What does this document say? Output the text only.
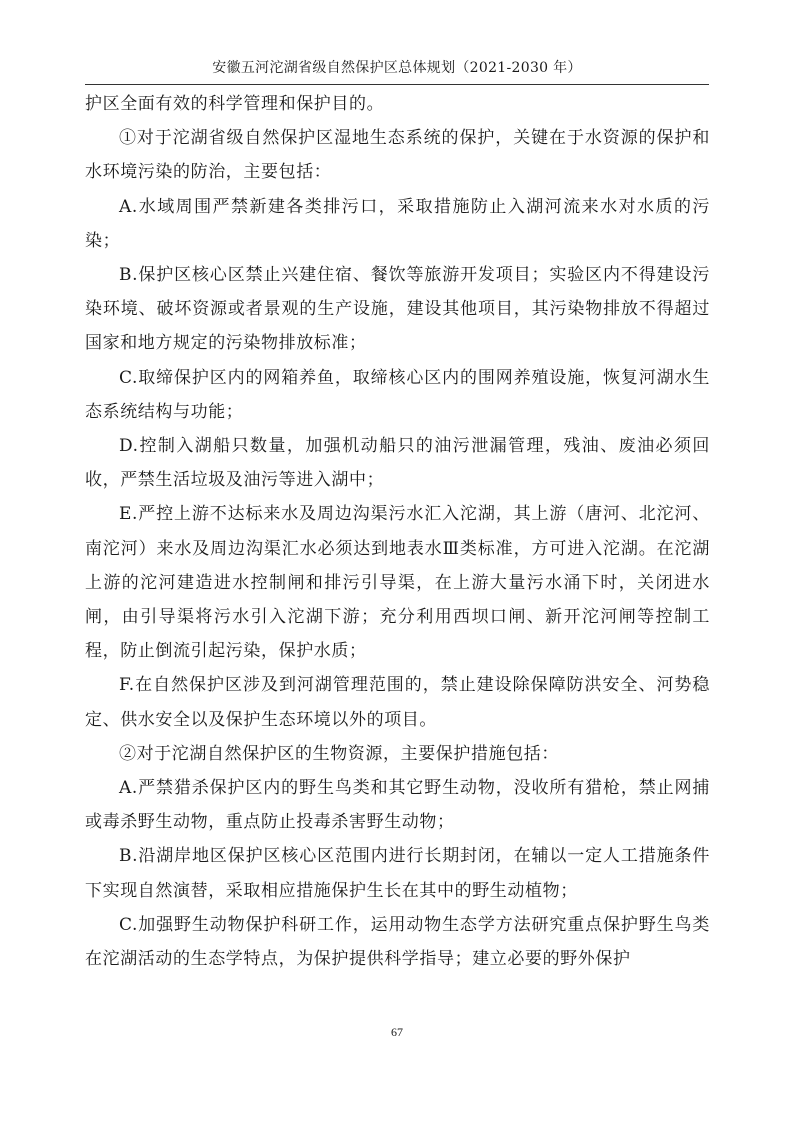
安徽五河沱湖省级自然保护区总体规划（2021-2030 年）

护区全面有效的科学管理和保护目的。

①对于沱湖省级自然保护区湿地生态系统的保护，关键在于水资源的保护和水环境污染的防治，主要包括：

A.水域周围严禁新建各类排污口，采取措施防止入湖河流来水对水质的污染；

B.保护区核心区禁止兴建住宿、餐饮等旅游开发项目；实验区内不得建设污染环境、破坏资源或者景观的生产设施，建设其他项目，其污染物排放不得超过国家和地方规定的污染物排放标准；

C.取缔保护区内的网箱养鱼，取缔核心区内的围网养殖设施，恢复河湖水生态系统结构与功能；

D.控制入湖船只数量，加强机动船只的油污泄漏管理，残油、废油必须回收，严禁生活垃圾及油污等进入湖中；

E.严控上游不达标来水及周边沟渠污水汇入沱湖，其上游（唐河、北沱河、南沱河）来水及周边沟渠汇水必须达到地表水Ⅲ类标准，方可进入沱湖。在沱湖上游的沱河建造进水控制闸和排污引导渠，在上游大量污水涌下时，关闭进水闸，由引导渠将污水引入沱湖下游；充分利用西坝口闸、新开沱河闸等控制工程，防止倒流引起污染，保护水质；

F.在自然保护区涉及到河湖管理范围的，禁止建设除保障防洪安全、河势稳定、供水安全以及保护生态环境以外的项目。

②对于沱湖自然保护区的生物资源，主要保护措施包括：

A.严禁猎杀保护区内的野生鸟类和其它野生动物，没收所有猎枪，禁止网捕或毒杀野生动物，重点防止投毒杀害野生动物；

B.沿湖岸地区保护区核心区范围内进行长期封闭，在辅以一定人工措施条件下实现自然演替，采取相应措施保护生长在其中的野生动植物；

C.加强野生动物保护科研工作，运用动物生态学方法研究重点保护野生鸟类在沱湖活动的生态学特点，为保护提供科学指导；建立必要的野外保护

67
